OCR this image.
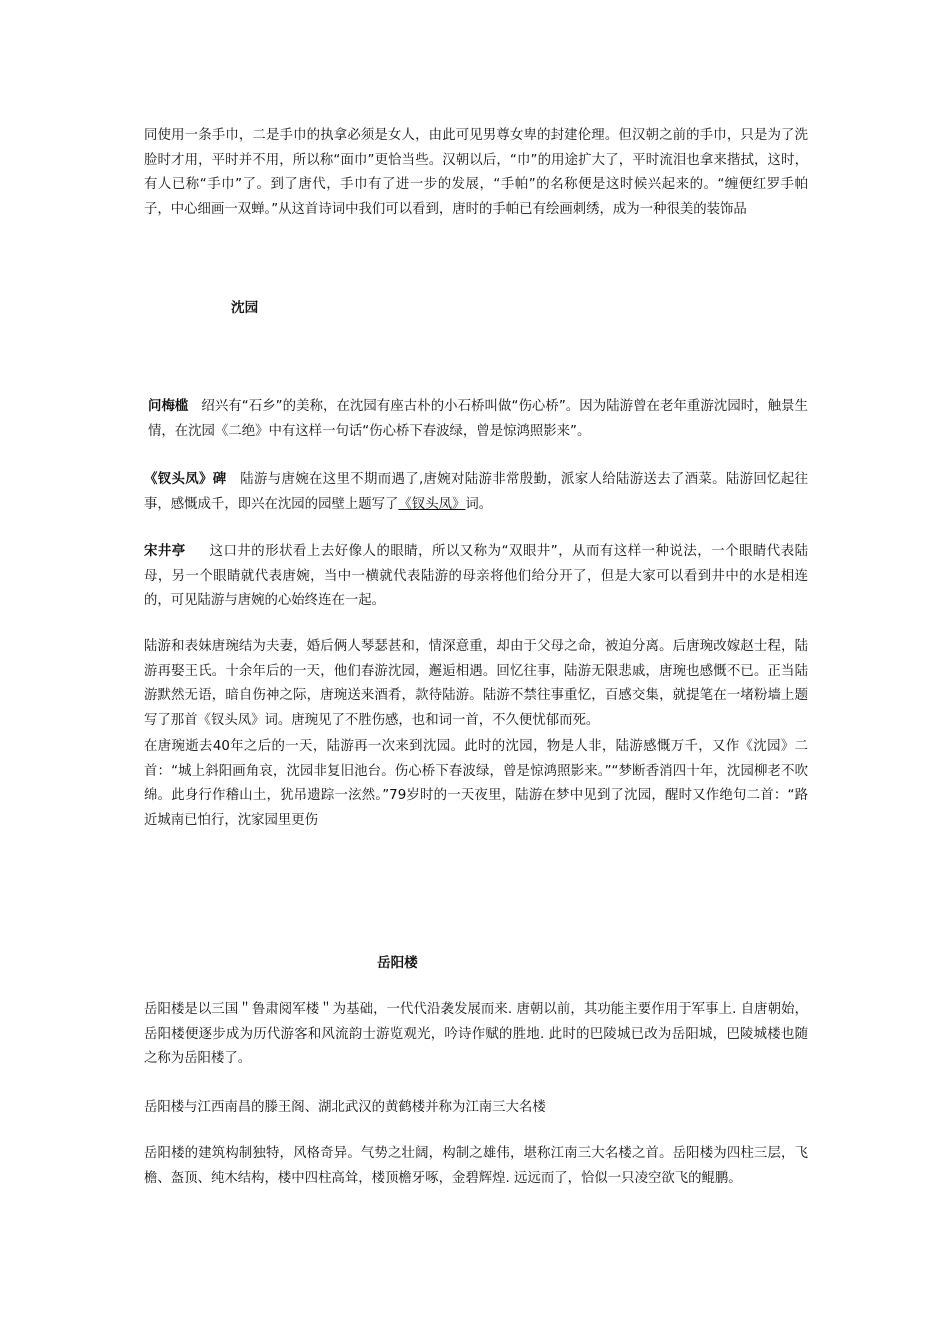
同使用一条手巾，二是手巾的执拿必须是女人，由此可见男尊女卑的封建伦理。但汉朝之前的手巾，只是为了洗脸时才用，平时并不用，所以称“面巾”更恰当些。汉朝以后，“巾”的用途扩大了，平时流泪也拿来揩拭，这时，有人已称“手巾”了。到了唐代，手巾有了进一步的发展，“手帕”的名称便是这时候兴起来的。“缠便红罗手帕子，中心细画一双蝉。”从这首诗词中我们可以看到，唐时的手帕已有绘画刺绣，成为一种很美的装饰品

沈园

问梅槛 绍兴有“石乡”的美称，在沈园有座古朴的小石桥叫做“伤心桥”。因为陆游曾在老年重游沈园时，触景生情，在沈园《二绝》中有这样一句话“伤心桥下春波绿，曾是惊鸿照影来”。

《钗头凤》碑 陆游与唐婉在这里不期而遇了,唐婉对陆游非常殷勤，派家人给陆游送去了酒菜。陆游回忆起往事，感慨成千，即兴在沈园的园壁上题写了《钗头凤》词。

宋井亭 这口井的形状看上去好像人的眼睛，所以又称为“双眼井”，从而有这样一种说法，一个眼睛代表陆母，另一个眼睛就代表唐婉，当中一横就代表陆游的母亲将他们给分开了，但是大家可以看到井中的水是相连的，可见陆游与唐婉的心始终连在一起。

陆游和表妹唐琬结为夫妻，婚后俩人琴瑟甚和，情深意重，却由于父母之命，被迫分离。后唐琬改嫁赵士程，陆游再娶王氏。十余年后的一天，他们春游沈园，邂逅相遇。回忆往事，陆游无限悲戚，唐琬也感慨不已。正当陆游默然无语，暗自伤神之际，唐琬送来酒肴，款待陆游。陆游不禁往事重忆，百感交集，就提笔在一堵粉墙上题写了那首《钗头凤》词。唐琬见了不胜伤感，也和词一首，不久便忧郁而死。

在唐琬逝去40年之后的一天，陆游再一次来到沈园。此时的沈园，物是人非，陆游感慨万千，又作《沈园》二首：“城上斜阳画角哀，沈园非复旧池台。伤心桥下春波绿，曾是惊鸿照影来。”“梦断香消四十年，沈园柳老不吹绵。此身行作稽山土，犹吊遗踪一泫然。”79岁时的一天夜里，陆游在梦中见到了沈园，醒时又作绝句二首：“路近城南已怕行，沈家园里更伤

岳阳楼

岳阳楼是以三国＂鲁肃阅军楼＂为基础，一代代沿袭发展而来. 唐朝以前，其功能主要作用于军事上. 自唐朝始，岳阳楼便逐步成为历代游客和风流韵士游览观光，吟诗作赋的胜地. 此时的巴陵城已改为岳阳城，巴陵城楼也随之称为岳阳楼了。

岳阳楼与江西南昌的滕王阁、湖北武汉的黄鹤楼并称为江南三大名楼

岳阳楼的建筑构制独特，风格奇异。气势之壮阔，构制之雄伟，堪称江南三大名楼之首。岳阳楼为四柱三层，飞檐、盔顶、纯木结构，楼中四柱高耸，楼顶檐牙啄，金碧辉煌. 远远而了，恰似一只凌空欲飞的鲲鹏。
